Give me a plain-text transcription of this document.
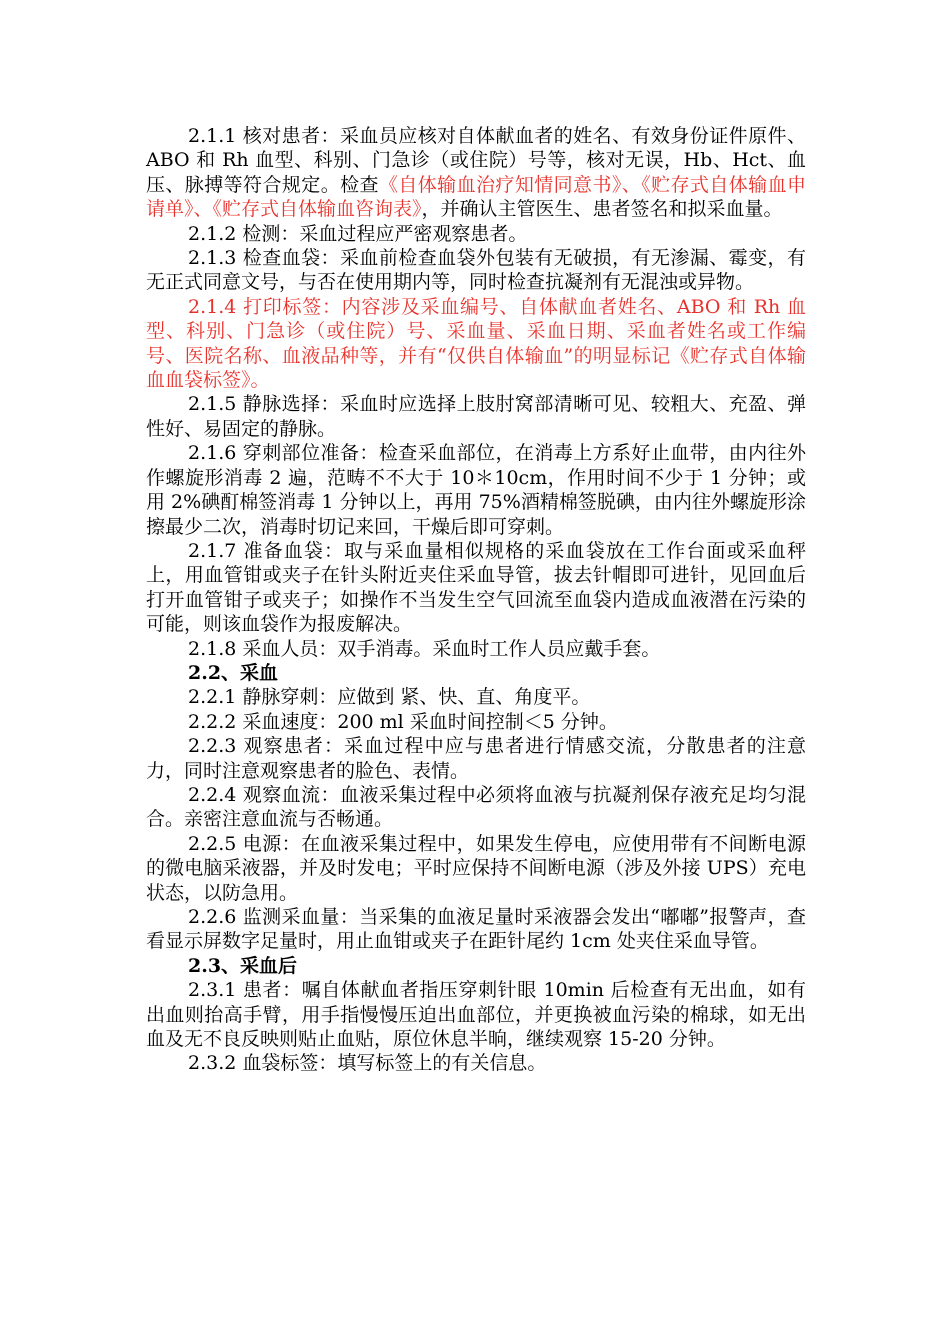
2.1.1 核对患者：采血员应核对自体献血者的姓名、有效身份证件原件、ABO 和 Rh 血型、科别、门急诊（或住院）号等，核对无误，Hb、Hct、血压、脉搏等符合规定。检查《自体输血治疗知情同意书》、《贮存式自体输血申请单》、《贮存式自体输血咨询表》，并确认主管医生、患者签名和拟采血量。

2.1.2 检测：采血过程应严密观察患者。

2.1.3 检查血袋：采血前检查血袋外包装有无破损，有无渗漏、霉变，有无正式同意文号，与否在使用期内等，同时检查抗凝剂有无混浊或异物。

2.1.4 打印标签：内容涉及采血编号、自体献血者姓名、ABO 和 Rh 血型、科别、门急诊（或住院）号、采血量、采血日期、采血者姓名或工作编号、医院名称、血液品种等，并有“仅供自体输血”的明显标记《贮存式自体输血血袋标签》。

2.1.5 静脉选择：采血时应选择上肢肘窝部清晰可见、较粗大、充盈、弹性好、易固定的静脉。

2.1.6 穿刺部位准备：检查采血部位，在消毒上方系好止血带，由内往外作螺旋形消毒 2 遍，范畴不不大于 10＊10cm，作用时间不少于 1 分钟；或用 2%碘酊棉签消毒 1 分钟以上，再用 75%酒精棉签脱碘，由内往外螺旋形涂擦最少二次，消毒时切记来回，干燥后即可穿刺。

2.1.7 准备血袋：取与采血量相似规格的采血袋放在工作台面或采血秤上，用血管钳或夹子在针头附近夹住采血导管，拔去针帽即可进针，见回血后打开血管钳子或夹子；如操作不当发生空气回流至血袋内造成血液潜在污染的可能，则该血袋作为报废解决。

2.1.8 采血人员：双手消毒。采血时工作人员应戴手套。

2.2、采血

2.2.1 静脉穿刺：应做到 紧、快、直、角度平。

2.2.2 采血速度：200 ml 采血时间控制＜5 分钟。

2.2.3 观察患者：采血过程中应与患者进行情感交流，分散患者的注意力，同时注意观察患者的脸色、表情。

2.2.4 观察血流：血液采集过程中必须将血液与抗凝剂保存液充足均匀混合。亲密注意血流与否畅通。

2.2.5 电源：在血液采集过程中，如果发生停电，应使用带有不间断电源的微电脑采液器，并及时发电；平时应保持不间断电源（涉及外接 UPS）充电状态，以防急用。

2.2.6 监测采血量：当采集的血液足量时采液器会发出“嘟嘟”报警声，查看显示屏数字足量时，用止血钳或夹子在距针尾约 1cm 处夹住采血导管。

2.3、采血后

2.3.1 患者：嘱自体献血者指压穿刺针眼 10min 后检查有无出血，如有出血则抬高手臂，用手指慢慢压迫出血部位，并更换被血污染的棉球，如无出血及无不良反映则贴止血贴，原位休息半晌，继续观察 15-20 分钟。

2.3.2 血袋标签：填写标签上的有关信息。
